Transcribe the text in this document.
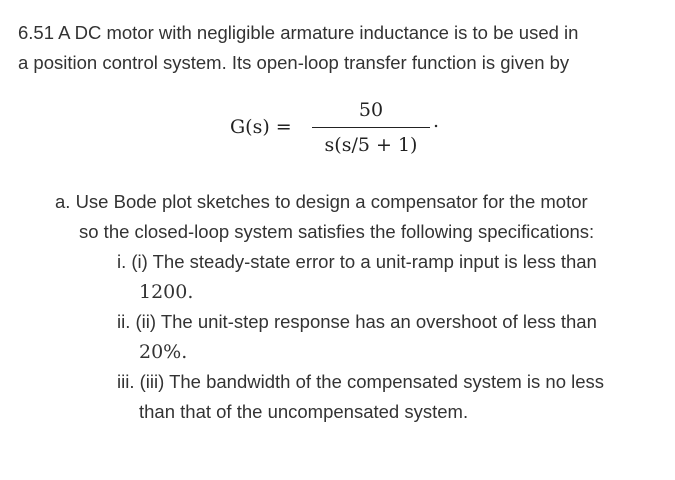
6.51 A DC motor with negligible armature inductance is to be used in

a position control system. Its open-loop transfer function is given by

G(s) =
50
s(s/5 + 1)
.

a. Use Bode plot sketches to design a compensator for the motor

so the closed-loop system satisfies the following specifications:

i. (i) The steady-state error to a unit-ramp input is less than
1200.
ii. (ii) The unit-step response has an overshoot of less than
20%.
iii. (iii) The bandwidth of the compensated system is no less
than that of the uncompensated system.
